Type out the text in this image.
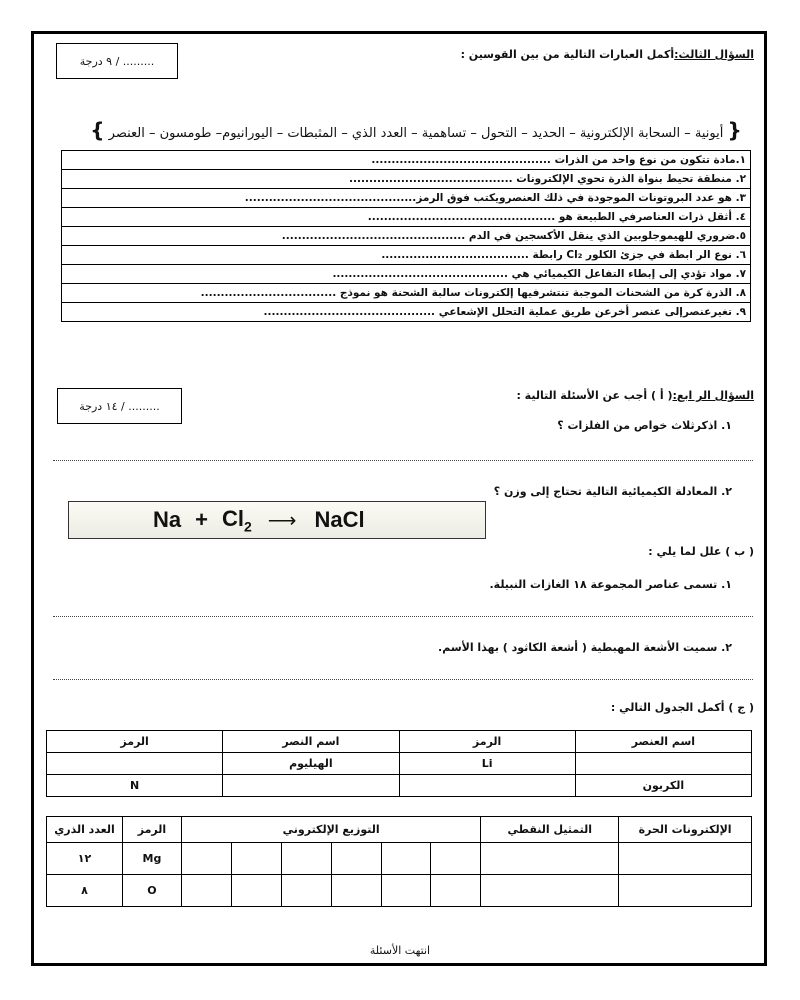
السؤال الثالث:أكمل العبارات التالية من بين القوسين :
......... / ٩ درجة
{ أيونية – السحابة الإلكترونية – الحديد – التحول – تساهمية – العدد الذي – المثبطات – اليورانيوم– طومسون – العنصر }
١.مادة تتكون من نوع واحد من الذرات .............................................
٢. منطقة تحيط بنواة الذرة تحوي الإلكترونات .........................................
٣. هو عدد البروتونات الموجودة في ذلك العنصرويكتب فوق الرمز...........................................
٤. أثقل ذرات العناصرفي الطبيعة هو ...............................................
٥.ضروري للهيموجلوبين الذي ينقل الأكسجين في الدم ..............................................
٦. نوع الر ابطة في جزئ الكلور Cl₂ رابطة .....................................
٧. مواد تؤدي إلى إبطاء التفاعل الكيميائي هي ............................................
٨. الذرة كرة من الشحنات الموجبة تنتشرفيها إلكترونات سالبة الشحنة هو نموذج ..................................
٩. تغيرعنصرإلى عنصر أخرعن طريق عملية التحلل الإشعاعي ...........................................
السؤال الر ابع:( أ ) أجب عن الأسئلة التالية :
......... / ١٤ درجة
١. اذكرثلاث خواص من الفلزات ؟
٢. المعادلة الكيميائية التالية تحتاج إلى وزن ؟
$Na + Cl_2$ ⟶ NaCl
( ب ) علل لما يلي :
١. تسمى عناصر المجموعة ١٨ الغازات النبيلة.
٢. سميت الأشعة المهبطية ( أشعة الكاثود ) بهذا الأسم.
( ج ) أكمل الجدول التالي :
اسم العنصر	الرمز	اسم النصر	الرمز
	Li	الهيليوم	
الكربون			N
الإلكترونات الحرة	التمثيل النقطي	التوزيع الإلكتروني						الرمز	العدد الذري
								Mg	١٢
								O	٨
انتهت الأسئلة
